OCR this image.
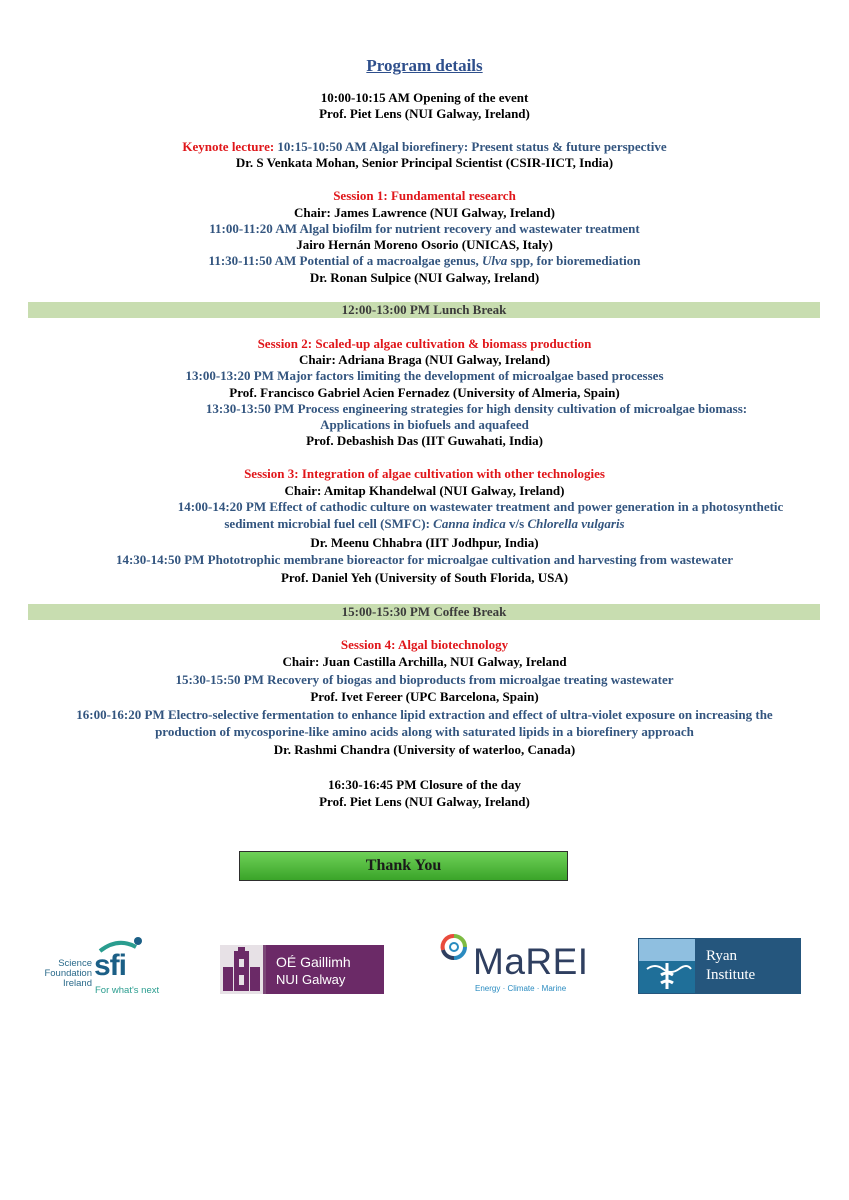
Program details
10:00-10:15 AM Opening of the event
Prof. Piet Lens (NUI Galway, Ireland)
Keynote lecture: 10:15-10:50 AM Algal biorefinery: Present status & future perspective
Dr. S Venkata Mohan, Senior Principal Scientist (CSIR-IICT, India)
Session 1: Fundamental research
Chair: James Lawrence (NUI Galway, Ireland)
11:00-11:20 AM Algal biofilm for nutrient recovery and wastewater treatment
Jairo Hernán Moreno Osorio (UNICAS, Italy)
11:30-11:50 AM Potential of a macroalgae genus, Ulva spp, for bioremediation
Dr. Ronan Sulpice (NUI Galway, Ireland)
12:00-13:00 PM Lunch Break
Session 2: Scaled-up algae cultivation & biomass production
Chair: Adriana Braga (NUI Galway, Ireland)
13:00-13:20 PM Major factors limiting the development of microalgae based processes
Prof. Francisco Gabriel Acien Fernadez (University of Almeria, Spain)
13:30-13:50 PM Process engineering strategies for high density cultivation of microalgae biomass:
Applications in biofuels and aquafeed
Prof. Debashish Das (IIT Guwahati, India)
Session 3: Integration of algae cultivation with other technologies
Chair: Amitap Khandelwal (NUI Galway, Ireland)
14:00-14:20 PM Effect of cathodic culture on wastewater treatment and power generation in a photosynthetic
sediment microbial fuel cell (SMFC): Canna indica v/s Chlorella vulgaris
Dr. Meenu Chhabra (IIT Jodhpur, India)
14:30-14:50 PM Phototrophic membrane bioreactor for microalgae cultivation and harvesting from wastewater
Prof. Daniel Yeh (University of South Florida, USA)
15:00-15:30 PM Coffee Break
Session 4: Algal biotechnology
Chair: Juan Castilla Archilla, NUI Galway, Ireland
15:30-15:50 PM Recovery of biogas and bioproducts from microalgae treating wastewater
Prof. Ivet Fereer (UPC Barcelona, Spain)
16:00-16:20 PM Electro-selective fermentation to enhance lipid extraction and effect of ultra-violet exposure on increasing the
production of mycosporine-like amino acids along with saturated lipids in a biorefinery approach
Dr. Rashmi Chandra (University of waterloo, Canada)
16:30-16:45 PM Closure of the day
Prof. Piet Lens (NUI Galway, Ireland)
Thank You
Science
Foundation
Ireland
sfi
For what's next
OÉ Gaillimh
NUI Galway	MaREI
Energy · Climate · Marine
Ryan
Institute
